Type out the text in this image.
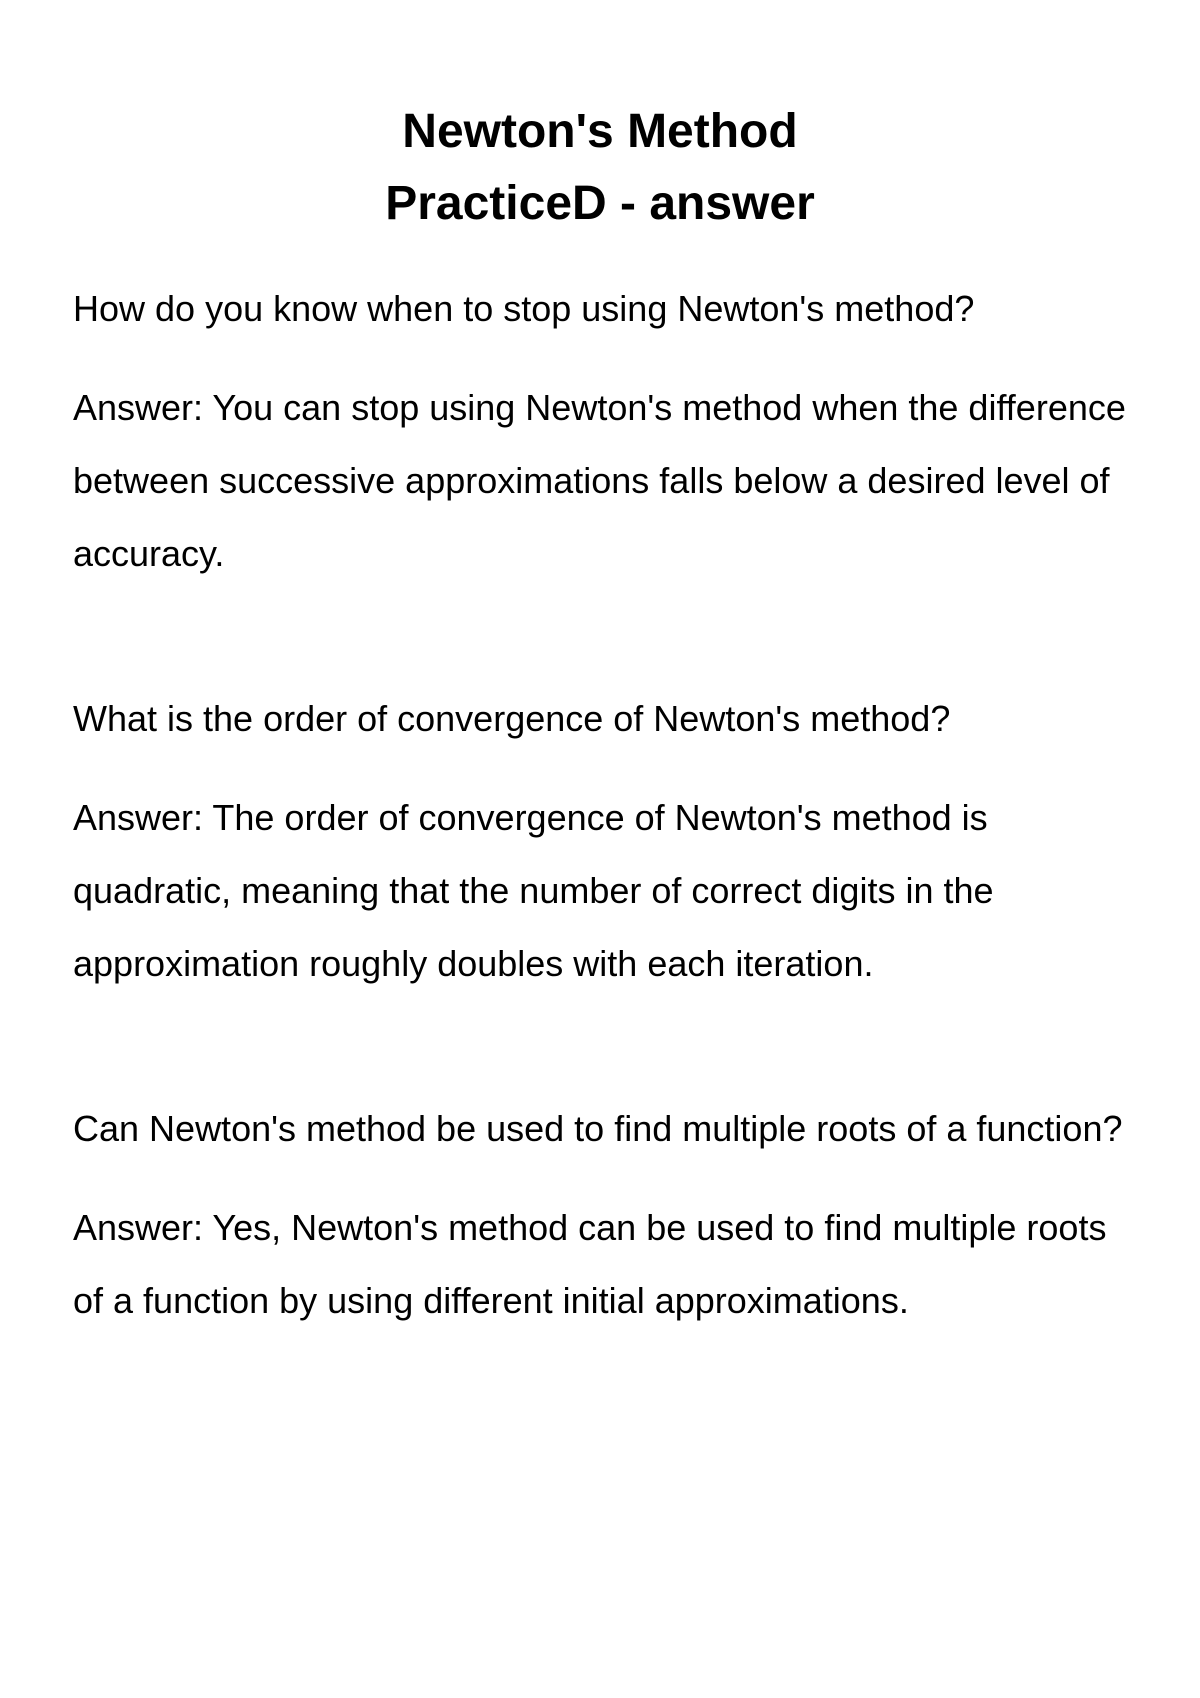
Newton's Method

PracticeD - answer

How do you know when to stop using Newton's method?

Answer: You can stop using Newton's method when the difference between successive approximations falls below a desired level of accuracy.

What is the order of convergence of Newton's method?

Answer: The order of convergence of Newton's method is quadratic, meaning that the number of correct digits in the approximation roughly doubles with each iteration.

Can Newton's method be used to find multiple roots of a function?

Answer: Yes, Newton's method can be used to find multiple roots of a function by using different initial approximations.
